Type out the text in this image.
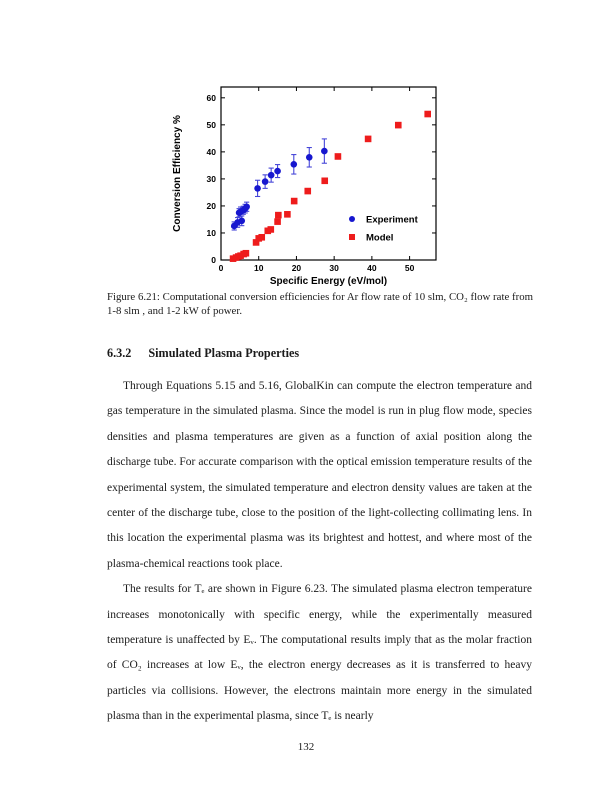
0	10	20	30	40	50
0
10
20
30
40
50
60
Experiment
Model
Specific Energy (eV/mol)
Conversion Efficiency %

Figure 6.21: Computational conversion efficiencies for Ar flow rate of 10 slm, CO₂ flow rate from 1-8 slm , and 1-2 kW of power.

6.3.2 Simulated Plasma Properties

Through Equations 5.15 and 5.16, GlobalKin can compute the electron temperature and gas temperature in the simulated plasma. Since the model is run in plug flow mode, species densities and plasma temperatures are given as a function of axial position along the discharge tube. For accurate comparison with the optical emission temperature results of the experimental system, the simulated temperature and electron density values are taken at the center of the discharge tube, close to the position of the light-collecting collimating lens. In this location the experimental plasma was its brightest and hottest, and where most of the plasma-chemical reactions took place.

The results for Tₑ are shown in Figure 6.23. The simulated plasma electron temperature increases monotonically with specific energy, while the experimentally measured temperature is unaffected by Eᵥ. The computational results imply that as the molar fraction of CO₂ increases at low Eᵥ, the electron energy decreases as it is transferred to heavy particles via collisions. However, the electrons maintain more energy in the simulated plasma than in the experimental plasma, since Tₑ is nearly

132
